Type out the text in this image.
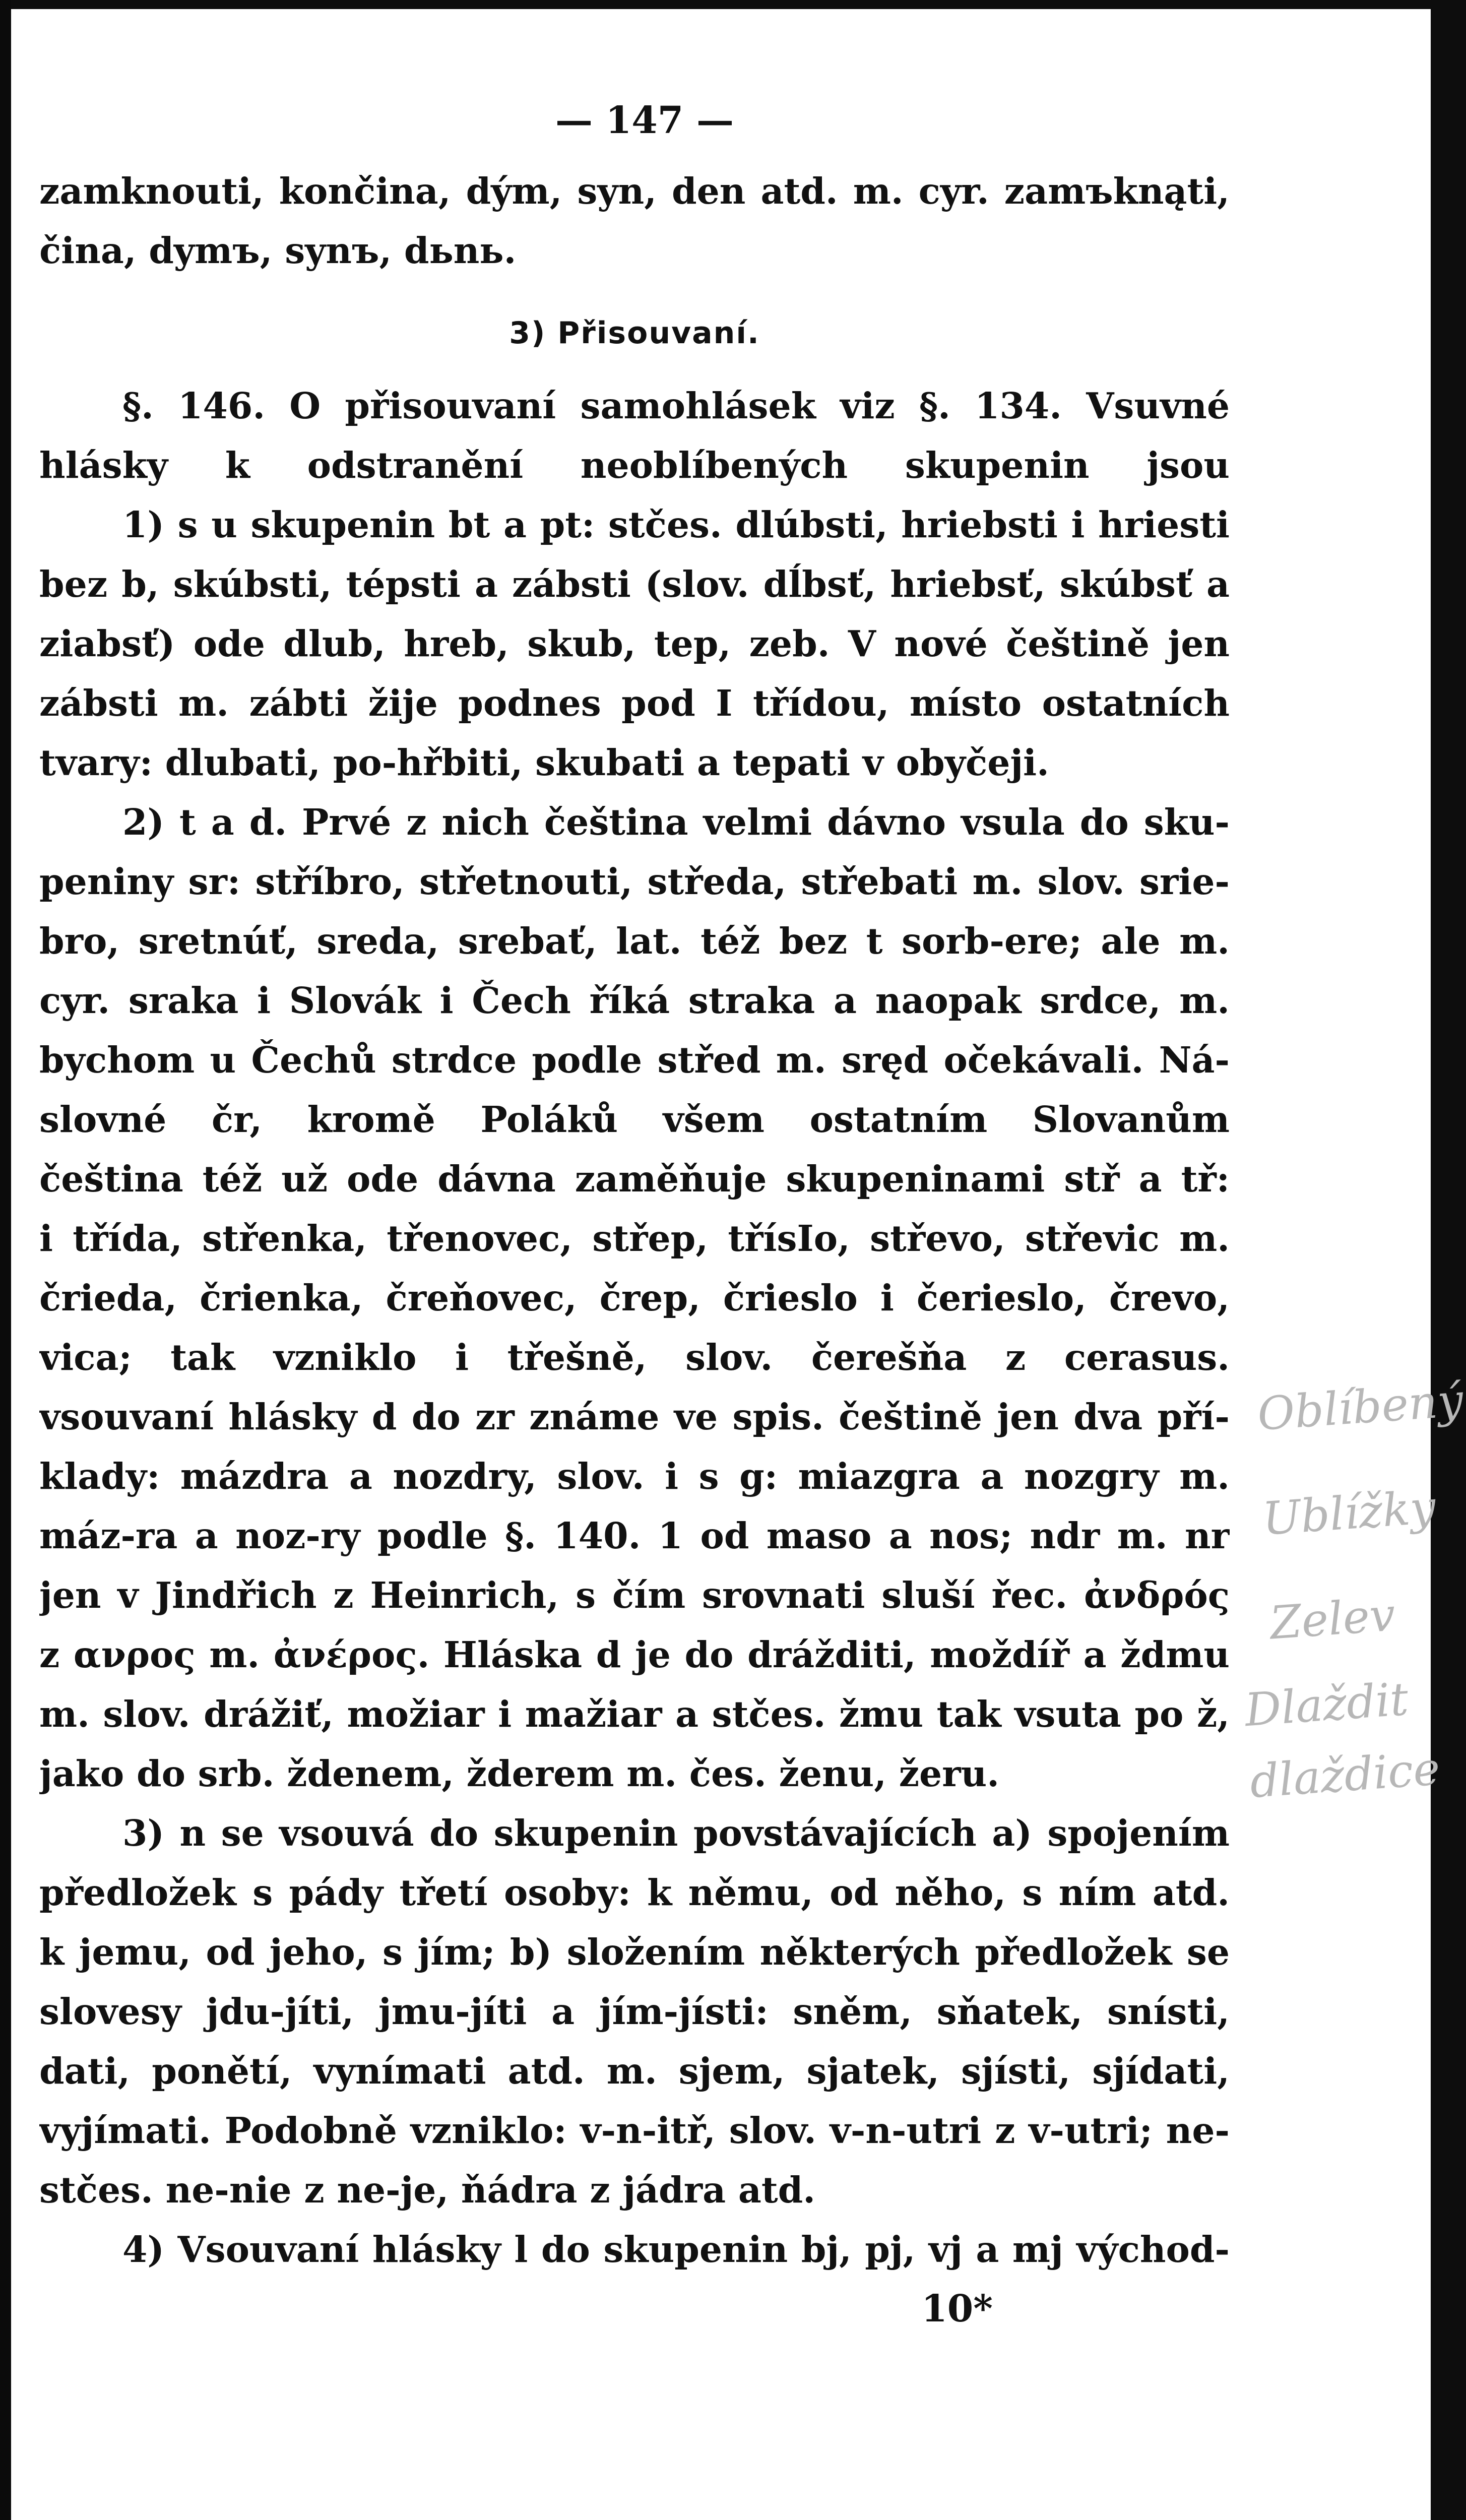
— 147 —
zamknouti, končina, dým, syn, den atd. m. cyr. zamъknąti,
čina, dymъ, synъ, dьnь.
3) Přisouvaní.
§. 146. O přisouvaní samohlásek viz §. 134. Vsuvné
hlásky k odstranění neoblíbených skupenin jsou
1) s u skupenin bt a pt: stčes. dlúbsti, hriebsti i hriesti
bez b, skúbsti, tépsti a zábsti (slov. dĺbsť, hriebsť, skúbsť a
ziabsť) ode dlub, hreb, skub, tep, zeb. V nové češtině jen
zábsti m. zábti žije podnes pod I třídou, místo ostatních
tvary: dlubati, po-hřbiti, skubati a tepati v obyčeji.
2) t a d. Prvé z nich čeština velmi dávno vsula do sku-
peniny sr: stříbro, střetnouti, středa, střebati m. slov. srie-
bro, sretnúť, sreda, srebať, lat. též bez t sorb-ere; ale m.
cyr. sraka i Slovák i Čech říká straka a naopak srdce, m.
bychom u Čechů strdce podle střed m. sręd očekávali. Ná-
slovné čr, kromě Poláků všem ostatním Slovanům
čeština též už ode dávna zaměňuje skupeninami stř a tř:
i třída, střenka, třenovec, střep, třísIo, střevo, střevic m.
črieda, črienka, čreňovec, črep, črieslo i čerieslo, črevo,
vica; tak vzniklo i třešně, slov. čerešňa z cerasus.
vsouvaní hlásky d do zr známe ve spis. češtině jen dva pří-
klady: mázdra a nozdry, slov. i s g: miazgra a nozgry m.
máz-ra a noz-ry podle §. 140. 1 od maso a nos; ndr m. nr
jen v Jindřich z Heinrich, s čím srovnati sluší řec. ἀνδρός
z ανρος m. ἀνέρος. Hláska d je do drážditi, moždíř a ždmu
m. slov. drážiť, možiar i mažiar a stčes. žmu tak vsuta po ž,
jako do srb. ždenem, žderem m. čes. ženu, žeru.
3) n se vsouvá do skupenin povstávajících a) spojením
předložek s pády třetí osoby: k němu, od něho, s ním atd.
k jemu, od jeho, s jím; b) složením některých předložek se
slovesy jdu-jíti, jmu-jíti a jím-jísti: sněm, sňatek, snísti,
dati, ponětí, vynímati atd. m. sjem, sjatek, sjísti, sjídati,
vyjímati. Podobně vzniklo: v-n-itř, slov. v-n-utri z v-utri; ne-
stčes. ne-nie z ne-je, ňádra z jádra atd.
4) Vsouvaní hlásky l do skupenin bj, pj, vj a mj východ-
10*
Oblíbený
Ublížky
Zelev
Dlaždit
dlaždice
